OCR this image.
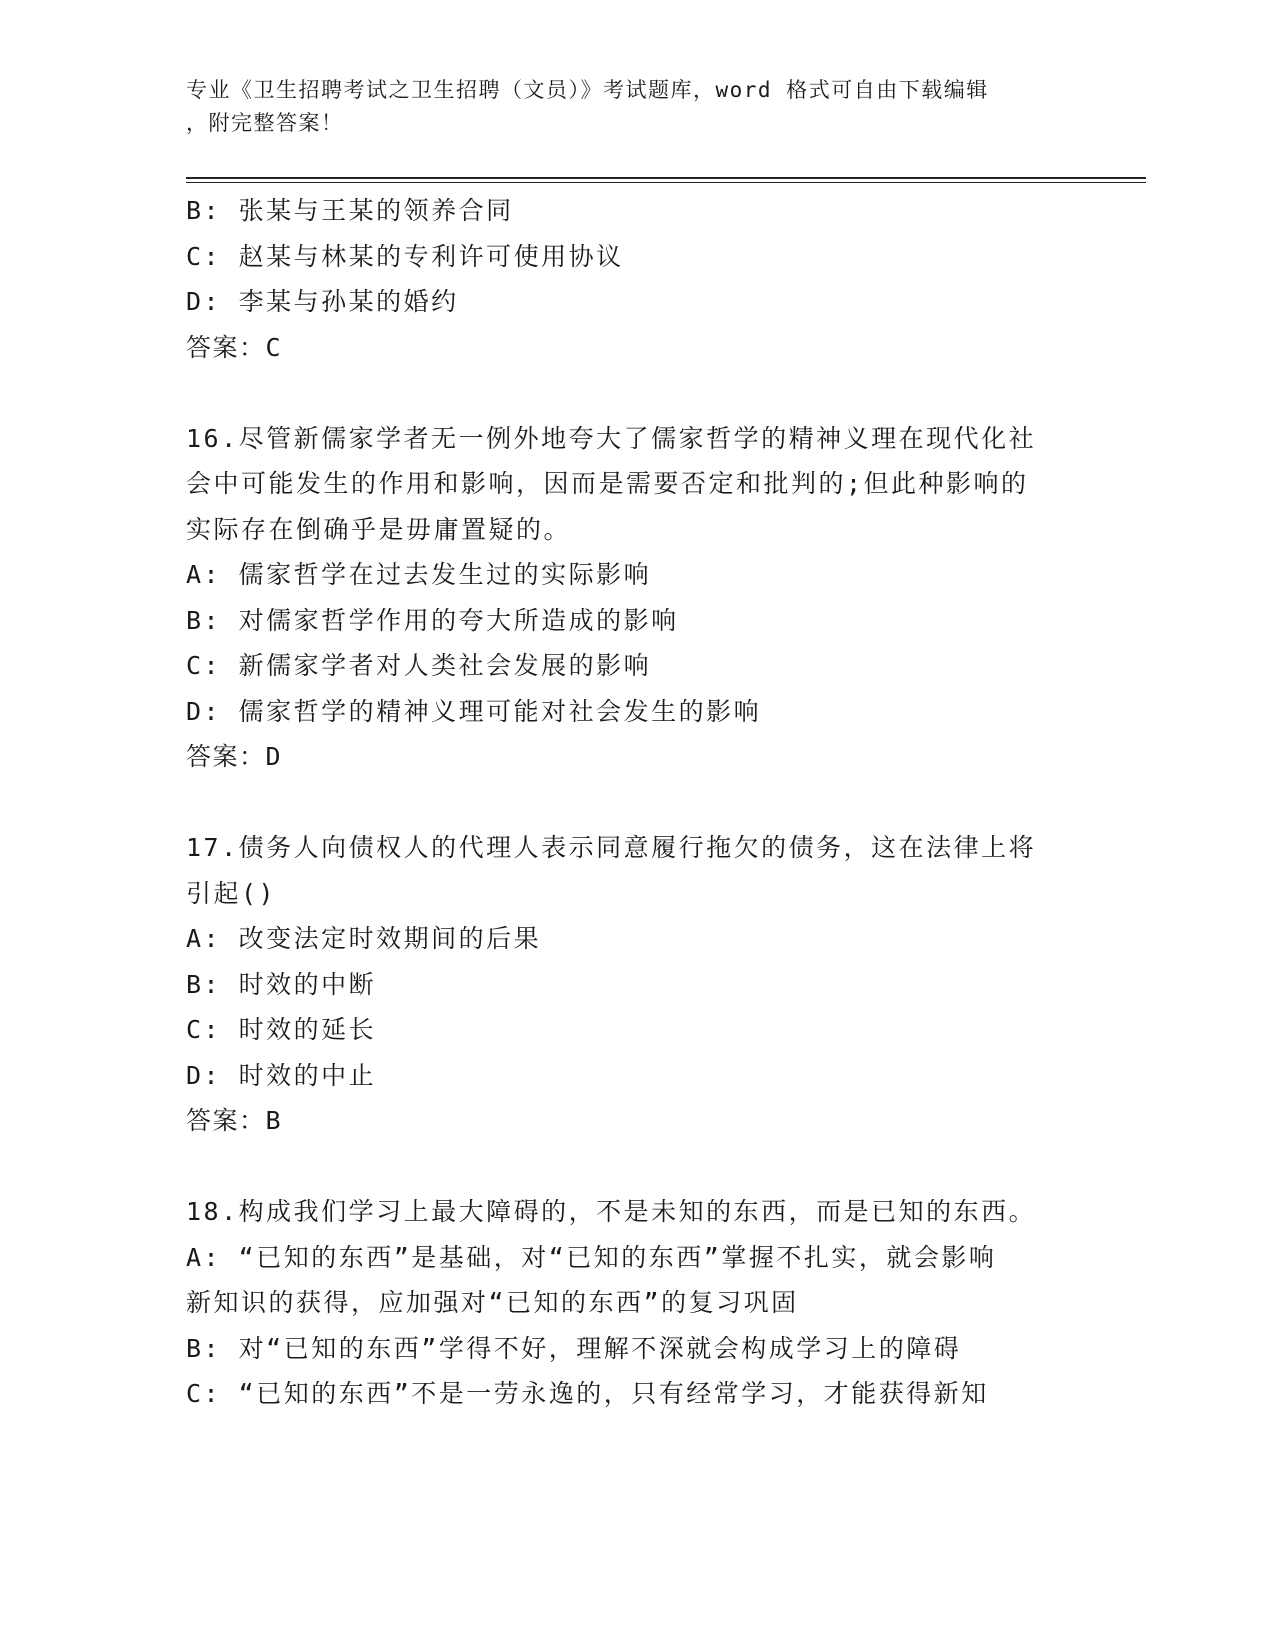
专业《卫生招聘考试之卫生招聘（文员）》考试题库，word 格式可自由下载编辑
，附完整答案！
B: 张某与王某的领养合同
C: 赵某与林某的专利许可使用协议
D: 李某与孙某的婚约
答案：C
16.尽管新儒家学者无一例外地夸大了儒家哲学的精神义理在现代化社
会中可能发生的作用和影响，因而是需要否定和批判的;但此种影响的
实际存在倒确乎是毋庸置疑的。
A: 儒家哲学在过去发生过的实际影响
B: 对儒家哲学作用的夸大所造成的影响
C: 新儒家学者对人类社会发展的影响
D: 儒家哲学的精神义理可能对社会发生的影响
答案：D
17.债务人向债权人的代理人表示同意履行拖欠的债务，这在法律上将
引起()
A: 改变法定时效期间的后果
B: 时效的中断
C: 时效的延长
D: 时效的中止
答案：B
18.构成我们学习上最大障碍的，不是未知的东西，而是已知的东西。
A: “已知的东西”是基础，对“已知的东西”掌握不扎实，就会影响
新知识的获得，应加强对“已知的东西”的复习巩固
B: 对“已知的东西”学得不好，理解不深就会构成学习上的障碍
C: “已知的东西”不是一劳永逸的，只有经常学习，才能获得新知
